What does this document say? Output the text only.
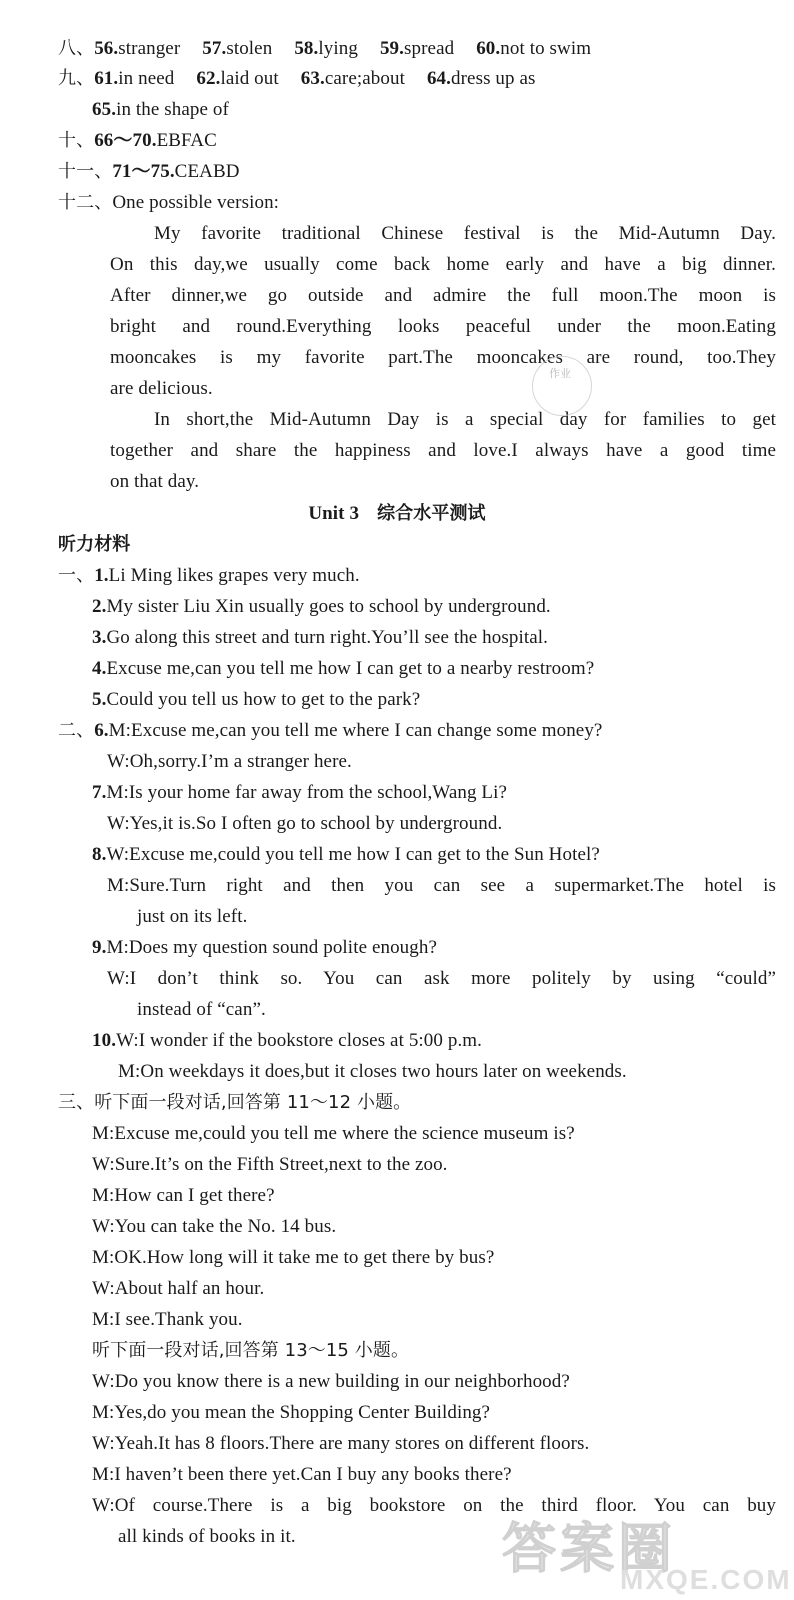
八、56.stranger 57.stolen 58.lying 59.spread 60.not to swim
九、61.in need 62.laid out 63.care;about 64.dress up as
65.in the shape of
十、66～70.EBFAC
十一、71～75.CEABD
十二、One possible version:
My favorite traditional Chinese festival is the Mid-Autumn Day.
On this day,we usually come back home early and have a big dinner.
After dinner,we go outside and admire the full moon.The moon is
bright and round.Everything looks peaceful under the moon.Eating
mooncakes is my favorite part.The mooncakes are round, too.They
are delicious.
In short,the Mid-Autumn Day is a special day for families to get
together and share the happiness and love.I always have a good time
on that day.
作业
Unit 3 综合水平测试
听力材料
一、1.Li Ming likes grapes very much.
2.My sister Liu Xin usually goes to school by underground.
3.Go along this street and turn right.You’ll see the hospital.
4.Excuse me,can you tell me how I can get to a nearby restroom?
5.Could you tell us how to get to the park?
二、6.M:Excuse me,can you tell me where I can change some money?
W:Oh,sorry.I’m a stranger here.
7.M:Is your home far away from the school,Wang Li?
W:Yes,it is.So I often go to school by underground.
8.W:Excuse me,could you tell me how I can get to the Sun Hotel?
M:Sure.Turn right and then you can see a supermarket.The hotel is
just on its left.
9.M:Does my question sound polite enough?
W:I don’t think so. You can ask more politely by using “could”
instead of “can”.
10.W:I wonder if the bookstore closes at 5:00 p.m.
M:On weekdays it does,but it closes two hours later on weekends.
三、听下面一段对话,回答第 11～12 小题。
M:Excuse me,could you tell me where the science museum is?
W:Sure.It’s on the Fifth Street,next to the zoo.
M:How can I get there?
W:You can take the No. 14 bus.
M:OK.How long will it take me to get there by bus?
W:About half an hour.
M:I see.Thank you.
听下面一段对话,回答第 13～15 小题。
W:Do you know there is a new building in our neighborhood?
M:Yes,do you mean the Shopping Center Building?
W:Yeah.It has 8 floors.There are many stores on different floors.
M:I haven’t been there yet.Can I buy any books there?
W:Of course.There is a big bookstore on the third floor. You can buy
all kinds of books in it.	答案圈
MXQE.COM
